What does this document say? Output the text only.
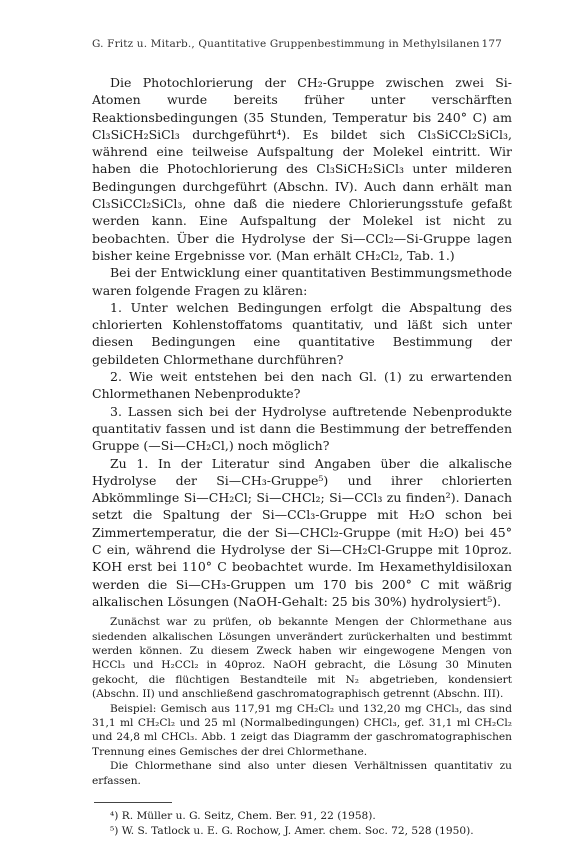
G. Fritz u. Mitarb., Quantitative Gruppenbestimmung in Methylsilanen 177

Die Photochlorierung der CH₂-Gruppe zwischen zwei Si-Atomen wurde bereits früher unter verschärften Reaktionsbedingungen (35 Stunden, Temperatur bis 240° C) am Cl₃SiCH₂SiCl₃ durchgeführt⁴). Es bildet sich Cl₃SiCCl₂SiCl₃, während eine teilweise Aufspaltung der Molekel eintritt. Wir haben die Photochlorierung des Cl₃SiCH₂SiCl₃ unter milderen Bedingungen durchgeführt (Abschn. IV). Auch dann erhält man Cl₃SiCCl₂SiCl₃, ohne daß die niedere Chlorierungsstufe gefaßt werden kann. Eine Aufspaltung der Molekel ist nicht zu beobachten. Über die Hydrolyse der Si—CCl₂—Si-Gruppe lagen bisher keine Ergebnisse vor. (Man erhält CH₂Cl₂, Tab. 1.)

Bei der Entwicklung einer quantitativen Bestimmungsmethode waren folgende Fragen zu klären:

1. Unter welchen Bedingungen erfolgt die Abspaltung des chlorierten Kohlenstoffatoms quantitativ, und läßt sich unter diesen Bedingungen eine quantitative Bestimmung der gebildeten Chlormethane durchführen?

2. Wie weit entstehen bei den nach Gl. (1) zu erwartenden Chlormethanen Nebenprodukte?

3. Lassen sich bei der Hydrolyse auftretende Nebenprodukte quantitativ fassen und ist dann die Bestimmung der betreffenden Gruppe (—Si—CH₂Cl,) noch möglich?

Zu 1. In der Literatur sind Angaben über die alkalische Hydrolyse der Si—CH₃-Gruppe⁵) und ihrer chlorierten Abkömmlinge Si—CH₂Cl; Si—CHCl₂; Si—CCl₃ zu finden²). Danach setzt die Spaltung der Si—CCl₃-Gruppe mit H₂O schon bei Zimmertemperatur, die der Si—CHCl₂-Gruppe (mit H₂O) bei 45° C ein, während die Hydrolyse der Si—CH₂Cl-Gruppe mit 10proz. KOH erst bei 110° C beobachtet wurde. Im Hexamethyldisiloxan werden die Si—CH₃-Gruppen um 170 bis 200° C mit wäßrig alkalischen Lösungen (NaOH-Gehalt: 25 bis 30%) hydrolysiert⁵).

Zunächst war zu prüfen, ob bekannte Mengen der Chlormethane aus siedenden alkalischen Lösungen unverändert zurückerhalten und bestimmt werden können. Zu diesem Zweck haben wir eingewogene Mengen von HCCl₃ und H₂CCl₂ in 40proz. NaOH gebracht, die Lösung 30 Minuten gekocht, die flüchtigen Bestandteile mit N₂ abgetrieben, kondensiert (Abschn. II) und anschließend gaschromatographisch getrennt (Abschn. III).

Beispiel: Gemisch aus 117,91 mg CH₂Cl₂ und 132,20 mg CHCl₃, das sind 31,1 ml CH₂Cl₂ und 25 ml (Normalbedingungen) CHCl₃, gef. 31,1 ml CH₂Cl₂ und 24,8 ml CHCl₃. Abb. 1 zeigt das Diagramm der gaschromatographischen Trennung eines Gemisches der drei Chlormethane.

Die Chlormethane sind also unter diesen Verhältnissen quantitativ zu erfassen.

⁴) R. Müller u. G. Seitz, Chem. Ber. 91, 22 (1958).

⁵) W. S. Tatlock u. E. G. Rochow, J. Amer. chem. Soc. 72, 528 (1950).
